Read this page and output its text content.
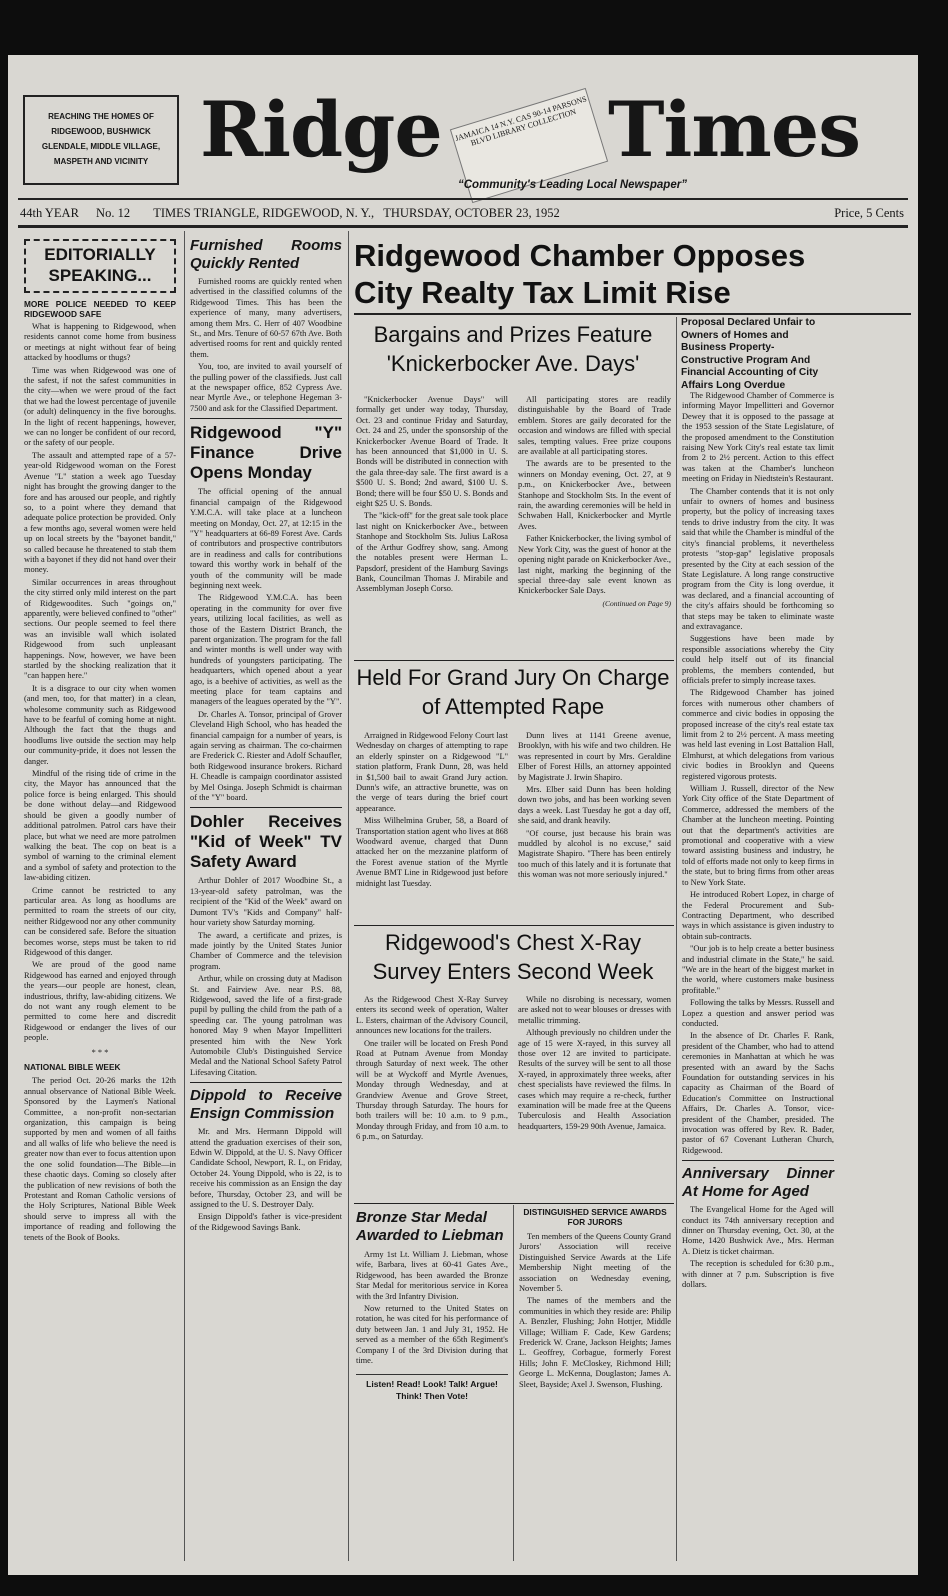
REACHING THE HOMES OF RIDGEWOOD, BUSHWICK GLENDALE, MIDDLE VILLAGE, MASPETH AND VICINITY Ridge Times
JAMAICA 14 N.Y. CAS 90-14 PARSONS BLVD LIBRARY COLLECTION
“Community's Leading Local Newspaper”
44th YEAR No. 12 TIMES TRIANGLE, RIDGEWOOD, N. Y., THURSDAY, OCTOBER 23, 1952	Price, 5 Cents
EDITORIALLY SPEAKING...
MORE POLICE NEEDED TO KEEP RIDGEWOOD SAFE

What is happening to Ridgewood, when residents cannot come home from business or meetings at night without fear of being attacked by hoodlums or thugs?

Time was when Ridgewood was one of the safest, if not the safest communities in the city—when we were proud of the fact that we had the lowest percentage of juvenile (or adult) delinquency in the five boroughs. In the light of recent happenings, however, we can no longer be confident of our record, or the safety of our people.

The assault and attempted rape of a 57-year-old Ridgewood woman on the Forest Avenue "L" station a week ago Tuesday night has brought the growing danger to the fore and has aroused our people, and rightly so, to a point where they demand that adequate police protection be provided. Only a few months ago, several women were held up on local streets by the "bayonet bandit," so called because he threatened to stab them with a bayonet if they did not hand over their money.

Similar occurrences in areas throughout the city stirred only mild interest on the part of Ridgewoodites. Such "goings on," apparently, were believed confined to "other" sections. Our people seemed to feel there was an invisible wall which isolated Ridgewood from such unpleasant happenings. Now, however, we have been startled by the shocking realization that it "can happen here."

It is a disgrace to our city when women (and men, too, for that matter) in a clean, wholesome community such as Ridgewood have to be fearful of coming home at night. Although the fact that the thugs and hoodlums live outside the section may help our community-pride, it does not lessen the danger.

Mindful of the rising tide of crime in the city, the Mayor has announced that the police force is being enlarged. This should be done without delay—and Ridgewood should be given a goodly number of additional patrolmen. Patrol cars have their place, but what we need are more patrolmen walking the beat. The cop on beat is a symbol of warning to the criminal element and a symbol of safety and protection to the law-abiding citizen.

Crime cannot be restricted to any particular area. As long as hoodlums are permitted to roam the streets of our city, neither Ridgewood nor any other community can be considered safe. Before the situation becomes worse, steps must be taken to rid Ridgewood of this danger.

We are proud of the good name Ridgewood has earned and enjoyed through the years—our people are honest, clean, industrious, thrifty, law-abiding citizens. We do not want any rough element to be permitted to come here and discredit Ridgewood or endanger the lives of our people.

* * *
NATIONAL BIBLE WEEK

The period Oct. 20-26 marks the 12th annual observance of National Bible Week. Sponsored by the Laymen's National Committee, a non-profit non-sectarian organization, this campaign is being supported by men and women of all faiths and all walks of life who believe the need is greater now than ever to focus attention upon the one solid foundation—The Bible—in these chaotic days. Coming so closely after the publication of new revisions of both the Protestant and Roman Catholic versions of the Holy Scriptures, National Bible Week should serve to impress all with the importance of reading and following the tenets of the Book of Books.

Furnished Rooms Quickly Rented

Furnished rooms are quickly rented when advertised in the classified columns of the Ridgewood Times. This has been the experience of many, many advertisers, among them Mrs. C. Herr of 407 Woodbine St., and Mrs. Tenure of 60-57 67th Ave. Both advertised rooms for rent and quickly rented them.

You, too, are invited to avail yourself of the pulling power of the classifieds. Just call at the newspaper office, 852 Cypress Ave. near Myrtle Ave., or telephone Hegeman 3-7500 and ask for the Classified Department.

Ridgewood "Y" Finance Drive Opens Monday

The official opening of the annual financial campaign of the Ridgewood Y.M.C.A. will take place at a luncheon meeting on Monday, Oct. 27, at 12:15 in the "Y" headquarters at 66-89 Forest Ave. Cards of contributors and prospective contributors are in readiness and calls for contributions toward this worthy work in behalf of the youth of the community will be made beginning next week.

The Ridgewood Y.M.C.A. has been operating in the community for over five years, utilizing local facilities, as well as those of the Eastern District Branch, the parent organization. The program for the fall and winter months is well under way with hundreds of youngsters participating. The headquarters, which opened about a year ago, is a beehive of activities, as well as the meeting place for team captains and managers of the leagues operated by the "Y".

Dr. Charles A. Tonsor, principal of Grover Cleveland High School, who has headed the financial campaign for a number of years, is again serving as chairman. The co-chairmen are Frederick C. Riester and Adolf Schaufler, both Ridgewood insurance brokers. Richard H. Cheadle is campaign coordinator assisted by Mel Osinga. Joseph Schmidt is chairman of the "Y" board.

Dohler Receives "Kid of Week" TV Safety Award

Arthur Dohler of 2017 Woodbine St., a 13-year-old safety patrolman, was the recipient of the "Kid of the Week" award on Dumont TV's "Kids and Company" half-hour variety show Saturday morning.

The award, a certificate and prizes, is made jointly by the United States Junior Chamber of Commerce and the television program.

Arthur, while on crossing duty at Madison St. and Fairview Ave. near P.S. 88, Ridgewood, saved the life of a first-grade pupil by pulling the child from the path of a speeding car. The young patrolman was honored May 9 when Mayor Impellitteri presented him with the New York Automobile Club's Distinguished Service Medal and the National School Safety Patrol Lifesaving Citation.

Dippold to Receive Ensign Commission

Mr. and Mrs. Hermann Dippold will attend the graduation exercises of their son, Edwin W. Dippold, at the U. S. Navy Officer Candidate School, Newport, R. I., on Friday, October 24. Young Dippold, who is 22, is to receive his commission as an Ensign the day before, Thursday, October 23, and will be assigned to the U. S. Destroyer Daly.

Ensign Dippold's father is vice-president of the Ridgewood Savings Bank.

Ridgewood Chamber Opposes City Realty Tax Limit Rise
Proposal Declared Unfair to Owners of Homes and Business Property-Constructive Program And Financial Accounting of City Affairs Long Overdue

The Ridgewood Chamber of Commerce is informing Mayor Impellitteri and Governor Dewey that it is opposed to the passage at the 1953 session of the State Legislature, of the proposed amendment to the Constitution raising New York City's real estate tax limit from 2 to 2½ percent. Action to this effect was taken at the Chamber's luncheon meeting on Friday in Niedtstein's Restaurant.

The Chamber contends that it is not only unfair to owners of homes and business property, but the policy of increasing taxes tends to drive industry from the city. It was said that while the Chamber is mindful of the city's financial problems, it nevertheless protests "stop-gap" legislative proposals presented by the City at each session of the State Legislature. A long range constructive program from the City is long overdue, it was declared, and a financial accounting of the city's affairs should be forthcoming so that steps may be taken to eliminate waste and extravagance.

Suggestions have been made by responsible associations whereby the City could help itself out of its financial problems, the members contended, but officials prefer to simply increase taxes.

The Ridgewood Chamber has joined forces with numerous other chambers of commerce and civic bodies in opposing the proposed increase of the city's real estate tax limit from 2 to 2½ percent. A mass meeting was held last evening in Lost Battalion Hall, Elmhurst, at which delegations from various civic bodies in Brooklyn and Queens registered vigorous protests.

William J. Russell, director of the New York City office of the State Department of Commerce, addressed the members of the Chamber at the luncheon meeting. Pointing out that the department's activities are promotional and cooperative with a view toward assisting business and industry, he told of efforts made not only to keep firms in the state, but to bring firms from other areas to New York State.

He introduced Robert Lopez, in charge of the Federal Procurement and Sub-Contracting Department, who described ways in which assistance is given industry to obtain sub-contracts.

"Our job is to help create a better business and industrial climate in the State," he said. "We are in the heart of the biggest market in the world, where customers make business profitable."

Following the talks by Messrs. Russell and Lopez a question and answer period was conducted.

In the absence of Dr. Charles F. Rank, president of the Chamber, who had to attend ceremonies in Manhattan at which he was presented with an award by the Sachs Foundation for outstanding services in his capacity as Chairman of the Board of Education's Committee on Instructional Affairs, Dr. Charles A. Tonsor, vice-president of the Chamber, presided. The invocation was offered by Rev. R. Bader, pastor of 67 Covenant Lutheran Church, Ridgewood.

Anniversary Dinner At Home for Aged

The Evangelical Home for the Aged will conduct its 74th anniversary reception and dinner on Thursday evening, Oct. 30, at the Home, 1420 Bushwick Ave., Mrs. Herman A. Dietz is ticket chairman.

The reception is scheduled for 6:30 p.m., with dinner at 7 p.m. Subscription is five dollars.

Bargains and Prizes Feature 'Knickerbocker Ave. Days'

"Knickerbocker Avenue Days" will formally get under way today, Thursday, Oct. 23 and continue Friday and Saturday, Oct. 24 and 25, under the sponsorship of the Knickerbocker Avenue Board of Trade. It has been announced that $1,000 in U. S. Bonds will be distributed in connection with the gala three-day sale. The first award is a $500 U. S. Bond; 2nd award, $100 U. S. Bond; there will be four $50 U. S. Bonds and eight $25 U. S. Bonds.

The "kick-off" for the great sale took place last night on Knickerbocker Ave., between Stanhope and Stockholm Sts. Julius LaRosa of the Arthur Godfrey show, sang. Among the notables present were Herman L. Papsdorf, president of the Hamburg Savings Bank, Councilman Thomas J. Mirabile and Assemblyman Joseph Corso.

All participating stores are readily distinguishable by the Board of Trade emblem. Stores are gaily decorated for the occasion and windows are filled with special sales, tempting values. Free prize coupons are available at all participating stores.

The awards are to be presented to the winners on Monday evening, Oct. 27, at 9 p.m., on Knickerbocker Ave., between Stanhope and Stockholm Sts. In the event of rain, the awarding ceremonies will be held in Schwaben Hall, Knickerbocker and Myrtle Aves.

Father Knickerbocker, the living symbol of New York City, was the guest of honor at the opening night parade on Knickerbocker Ave., last night, marking the beginning of the special three-day sale event known as Knickerbocker Sale Days.

(Continued on Page 9)
Held For Grand Jury On Charge of Attempted Rape

Arraigned in Ridgewood Felony Court last Wednesday on charges of attempting to rape an elderly spinster on a Ridgewood "L" station platform, Frank Dunn, 28, was held in $1,500 bail to await Grand Jury action. Dunn's wife, an attractive brunette, was on the verge of tears during the brief court appearance.

Miss Wilhelmina Gruber, 58, a Board of Transportation station agent who lives at 868 Woodward avenue, charged that Dunn attacked her on the mezzanine platform of the Forest avenue station of the Myrtle Avenue BMT Line in Ridgewood just before midnight last Tuesday.

Dunn lives at 1141 Greene avenue, Brooklyn, with his wife and two children. He was represented in court by Mrs. Geraldine Elber of Forest Hills, an attorney appointed by Magistrate J. Irwin Shapiro.

Mrs. Elber said Dunn has been holding down two jobs, and has been working seven days a week. Last Tuesday he got a day off, she said, and drank heavily.

"Of course, just because his brain was muddled by alcohol is no excuse," said Magistrate Shapiro. "There has been entirely too much of this lately and it is fortunate that this woman was not more seriously injured."

Ridgewood's Chest X-Ray Survey Enters Second Week

As the Ridgewood Chest X-Ray Survey enters its second week of operation, Walter L. Esters, chairman of the Advisory Council, announces new locations for the trailers.

One trailer will be located on Fresh Pond Road at Putnam Avenue from Monday through Saturday of next week. The other will be at Wyckoff and Myrtle Avenues, Monday through Wednesday, and at Grandview Avenue and Grove Street, Thursday through Saturday. The hours for both trailers will be: 10 a.m. to 9 p.m., Monday through Friday, and from 10 a.m. to 6 p.m., on Saturday.

While no disrobing is necessary, women are asked not to wear blouses or dresses with metallic trimming.

Although previously no children under the age of 15 were X-rayed, in this survey all those over 12 are invited to participate. Results of the survey will be sent to all those X-rayed, in approximately three weeks, after chest specialists have reviewed the films. In cases which may require a re-check, further examination will be made free at the Queens Tuberculosis and Health Association headquarters, 159-29 90th Avenue, Jamaica.

Bronze Star Medal Awarded to Liebman

Army 1st Lt. William J. Liebman, whose wife, Barbara, lives at 60-41 Gates Ave., Ridgewood, has been awarded the Bronze Star Medal for meritorious service in Korea with the 3rd Infantry Division.

Now returned to the United States on rotation, he was cited for his performance of duty between Jan. 1 and July 31, 1952. He served as a member of the 65th Regiment's Company I of the 3rd Division during that time.

Listen! Read! Look! Talk! Argue! Think! Then Vote!
DISTINGUISHED SERVICE AWARDS FOR JURORS

Ten members of the Queens County Grand Jurors' Association will receive Distinguished Service Awards at the Life Membership Night meeting of the association on Wednesday evening, November 5.

The names of the members and the communities in which they reside are: Philip A. Benzler, Flushing; John Hottjer, Middle Village; William F. Cade, Kew Gardens; Frederick W. Crane, Jackson Heights; James L. Geoffrey, Corbague, formerly Forest Hills; John F. McCloskey, Richmond Hill; George L. McKenna, Douglaston; James A. Sleet, Bayside; Axel J. Swenson, Flushing.
